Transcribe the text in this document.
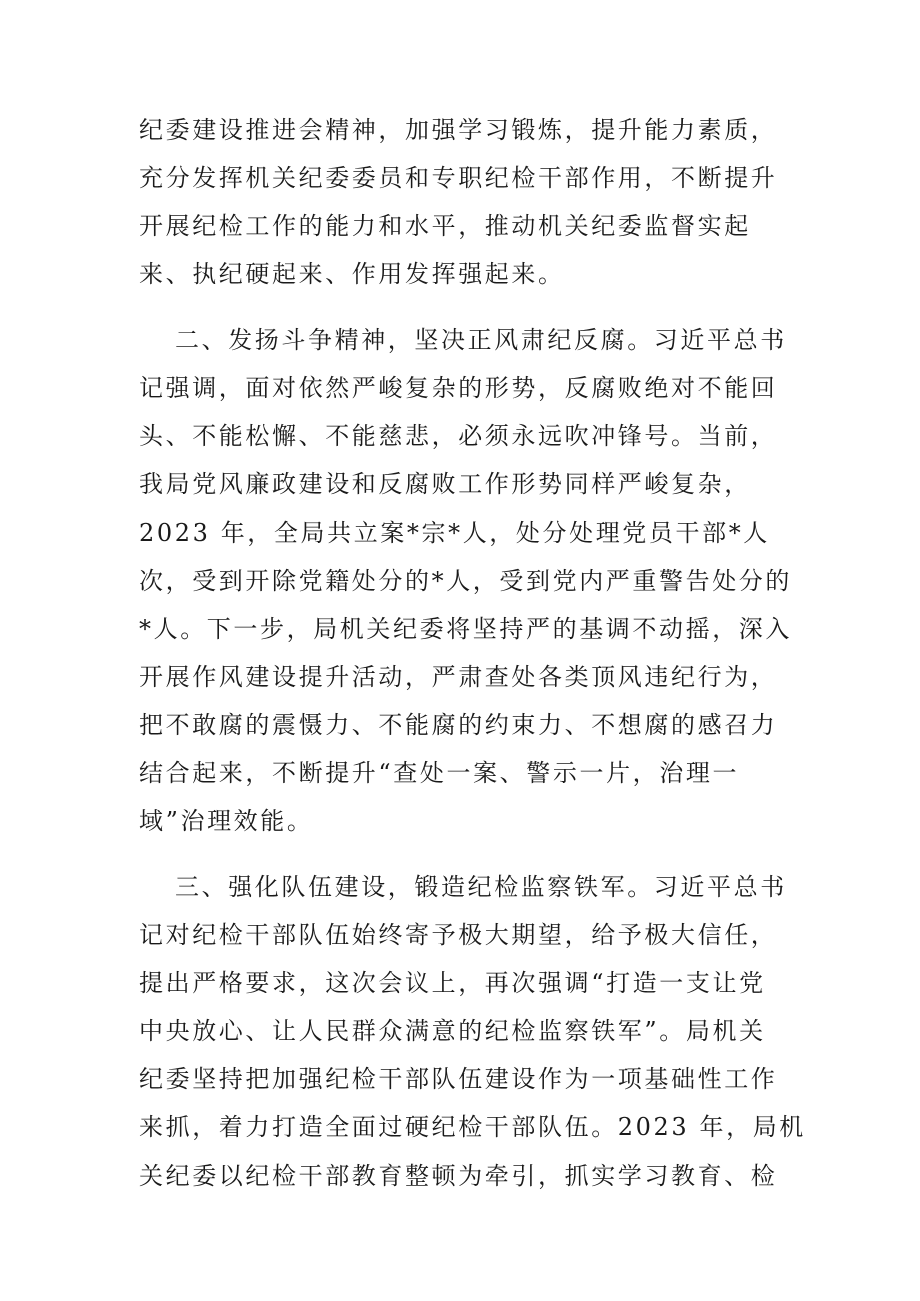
纪委建设推进会精神，加强学习锻炼，提升能力素质，
充分发挥机关纪委委员和专职纪检干部作用，不断提升
开展纪检工作的能力和水平，推动机关纪委监督实起
来、执纪硬起来、作用发挥强起来。
二、发扬斗争精神，坚决正风肃纪反腐。习近平总书
记强调，面对依然严峻复杂的形势，反腐败绝对不能回
头、不能松懈、不能慈悲，必须永远吹冲锋号。当前，
我局党风廉政建设和反腐败工作形势同样严峻复杂，
2023 年，全局共立案*宗*人，处分处理党员干部*人
次，受到开除党籍处分的*人，受到党内严重警告处分的
*人。下一步，局机关纪委将坚持严的基调不动摇，深入
开展作风建设提升活动，严肃查处各类顶风违纪行为，
把不敢腐的震慑力、不能腐的约束力、不想腐的感召力
结合起来，不断提升“查处一案、警示一片，治理一
域”治理效能。
三、强化队伍建设，锻造纪检监察铁军。习近平总书
记对纪检干部队伍始终寄予极大期望，给予极大信任，
提出严格要求，这次会议上，再次强调“打造一支让党
中央放心、让人民群众满意的纪检监察铁军”。局机关
纪委坚持把加强纪检干部队伍建设作为一项基础性工作
来抓，着力打造全面过硬纪检干部队伍。2023 年，局机
关纪委以纪检干部教育整顿为牵引，抓实学习教育、检
